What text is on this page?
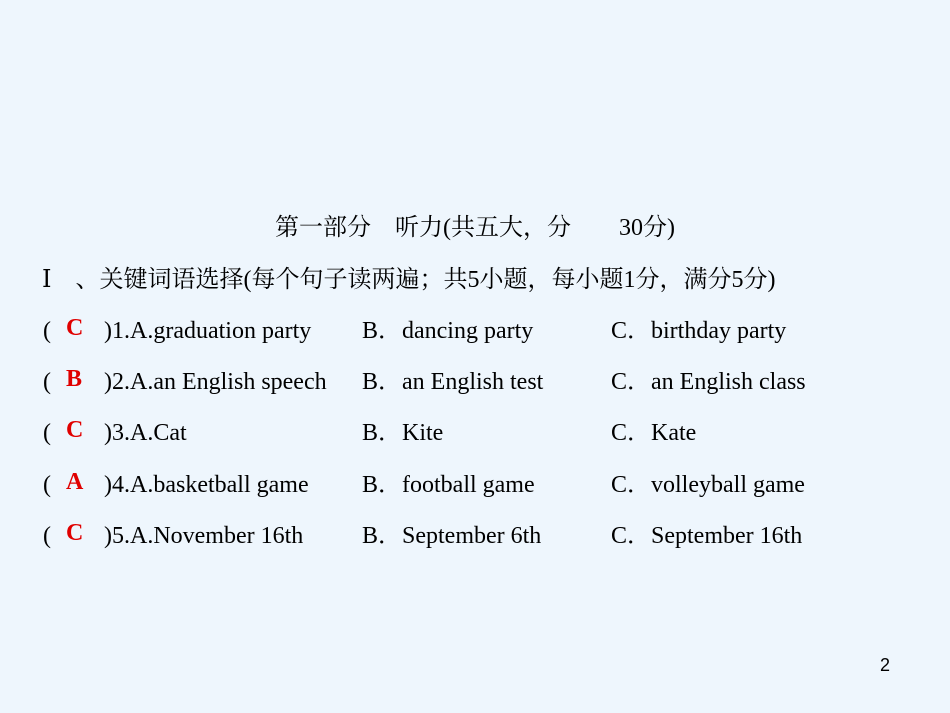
第一部分　听力(共五大，分　　30分)
Ⅰ　、关键词语选择(每个句子读两遍；共5小题，每小题1分，满分5分)
( C )1.A.graduation party B．dancing party	C．birthday party
( B )2.A.an English speech B．an English test	C．an English class
( C )3.A.Cat	B．Kite	C．Kate
( A )4.A.basketball game B．football game	C．volleyball game
( C )5.A.November 16th B．September 6th	C．September 16th
2
